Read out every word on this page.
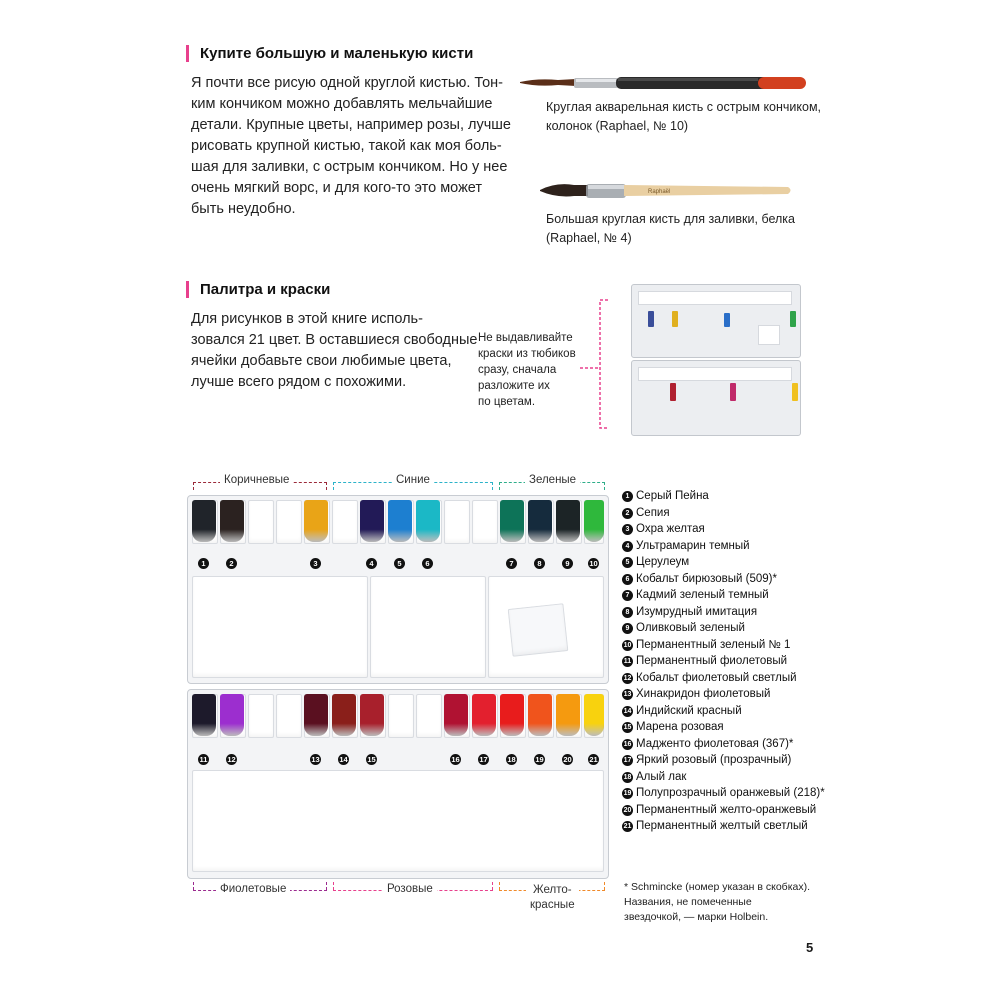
Купите большую и маленькую кисти
Я почти все рисую одной круглой кистью. Тон-
ким кончиком можно добавлять мельчайшие
детали. Крупные цветы, например розы, лучше
рисовать крупной кистью, такой как моя боль-
шая для заливки, с острым кончиком. Но у нее
очень мягкий ворс, и для кого-то это может
быть неудобно.
Круглая акварельная кисть с острым кончиком,
колонок (Raphael, № 10)
Raphaël
Большая круглая кисть для заливки, белка
(Raphael, № 4)
Палитра и краски
Для рисунков в этой книге исполь-
зовался 21 цвет. В оставшиеся свободные
ячейки добавьте свои любимые цвета,
лучше всего рядом с похожими.
Не выдавливайте
краски из тюбиков
сразу, сначала
разложите их
по цветам.
Коричневые	Синие	Зеленые
1	2	3	4	5	6	7	8	9	10
11	12	13	14	15	16	17	18	19	20 21
Фиолетовые	Розовые	Желто-
красные
1 Серый Пейна
2 Сепия
3 Охра желтая
4 Ультрамарин темный
5 Церулеум
6 Кобальт бирюзовый (509)*
7 Кадмий зеленый темный
8 Изумрудный имитация
9 Оливковый зеленый
10 Перманентный зеленый № 1
11 Перманентный фиолетовый
12 Кобальт фиолетовый светлый
13 Хинакридон фиолетовый
14 Индийский красный
15 Марена розовая
16 Мадженто фиолетовая (367)*
17 Яркий розовый (прозрачный)
18 Алый лак
19 Полупрозрачный оранжевый (218)*
20 Перманентный желто-оранжевый
21 Перманентный желтый светлый
* Schmincke (номер указан в скобках).
Названия, не помеченные
звездочкой, — марки Holbein.
5
